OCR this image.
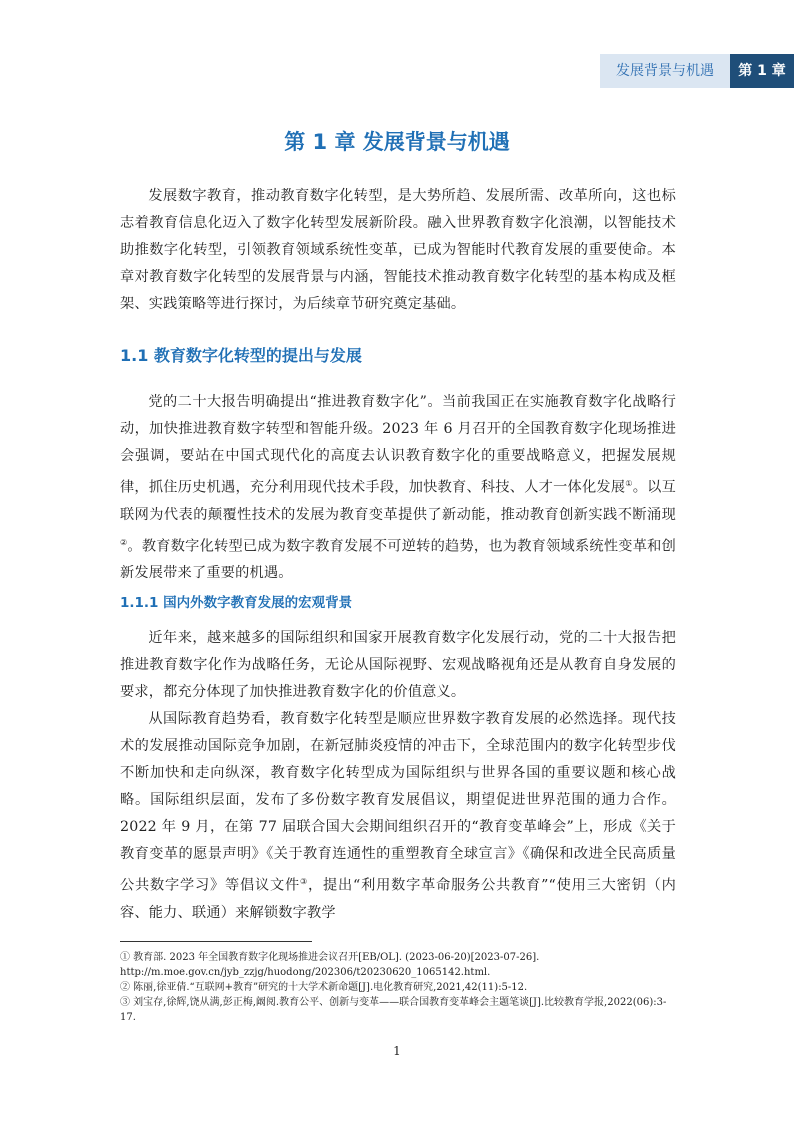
发展背景与机遇	第 1 章
第 1 章 发展背景与机遇

发展数字教育，推动教育数字化转型，是大势所趋、发展所需、改革所向，这也标志着教育信息化迈入了数字化转型发展新阶段。融入世界教育数字化浪潮，以智能技术助推数字化转型，引领教育领域系统性变革，已成为智能时代教育发展的重要使命。本章对教育数字化转型的发展背景与内涵，智能技术推动教育数字化转型的基本构成及框架、实践策略等进行探讨，为后续章节研究奠定基础。

1.1 教育数字化转型的提出与发展

党的二十大报告明确提出“推进教育数字化”。当前我国正在实施教育数字化战略行动，加快推进教育数字转型和智能升级。2023 年 6 月召开的全国教育数字化现场推进会强调，要站在中国式现代化的高度去认识教育数字化的重要战略意义，把握发展规律，抓住历史机遇，充分利用现代技术手段，加快教育、科技、人才一体化发展①。以互联网为代表的颠覆性技术的发展为教育变革提供了新动能，推动教育创新实践不断涌现②。教育数字化转型已成为数字教育发展不可逆转的趋势，也为教育领域系统性变革和创新发展带来了重要的机遇。

1.1.1 国内外数字教育发展的宏观背景

近年来，越来越多的国际组织和国家开展教育数字化发展行动，党的二十大报告把推进教育数字化作为战略任务，无论从国际视野、宏观战略视角还是从教育自身发展的要求，都充分体现了加快推进教育数字化的价值意义。

从国际教育趋势看，教育数字化转型是顺应世界数字教育发展的必然选择。现代技术的发展推动国际竞争加剧，在新冠肺炎疫情的冲击下，全球范围内的数字化转型步伐不断加快和走向纵深，教育数字化转型成为国际组织与世界各国的重要议题和核心战略。国际组织层面，发布了多份数字教育发展倡议，期望促进世界范围的通力合作。2022 年 9 月，在第 77 届联合国大会期间组织召开的“教育变革峰会”上，形成《关于教育变革的愿景声明》《关于教育连通性的重塑教育全球宣言》《确保和改进全民高质量公共数字学习》等倡议文件③，提出“利用数字革命服务公共教育”“使用三大密钥（内容、能力、联通）来解锁数字教学

① 教育部. 2023 年全国教育数字化现场推进会议召开[EB/OL]. (2023-06-20)[2023-07-26]. http://m.moe.gov.cn/jyb_zzjg/huodong/202306/t20230620_1065142.html.

② 陈丽,徐亚倩.“互联网+教育”研究的十大学术新命题[J].电化教育研究,2021,42(11):5-12.

③ 刘宝存,徐辉,饶从满,彭正梅,阚阅.教育公平、创新与变革——联合国教育变革峰会主题笔谈[J].比较教育学报,2022(06):3-17.

1
